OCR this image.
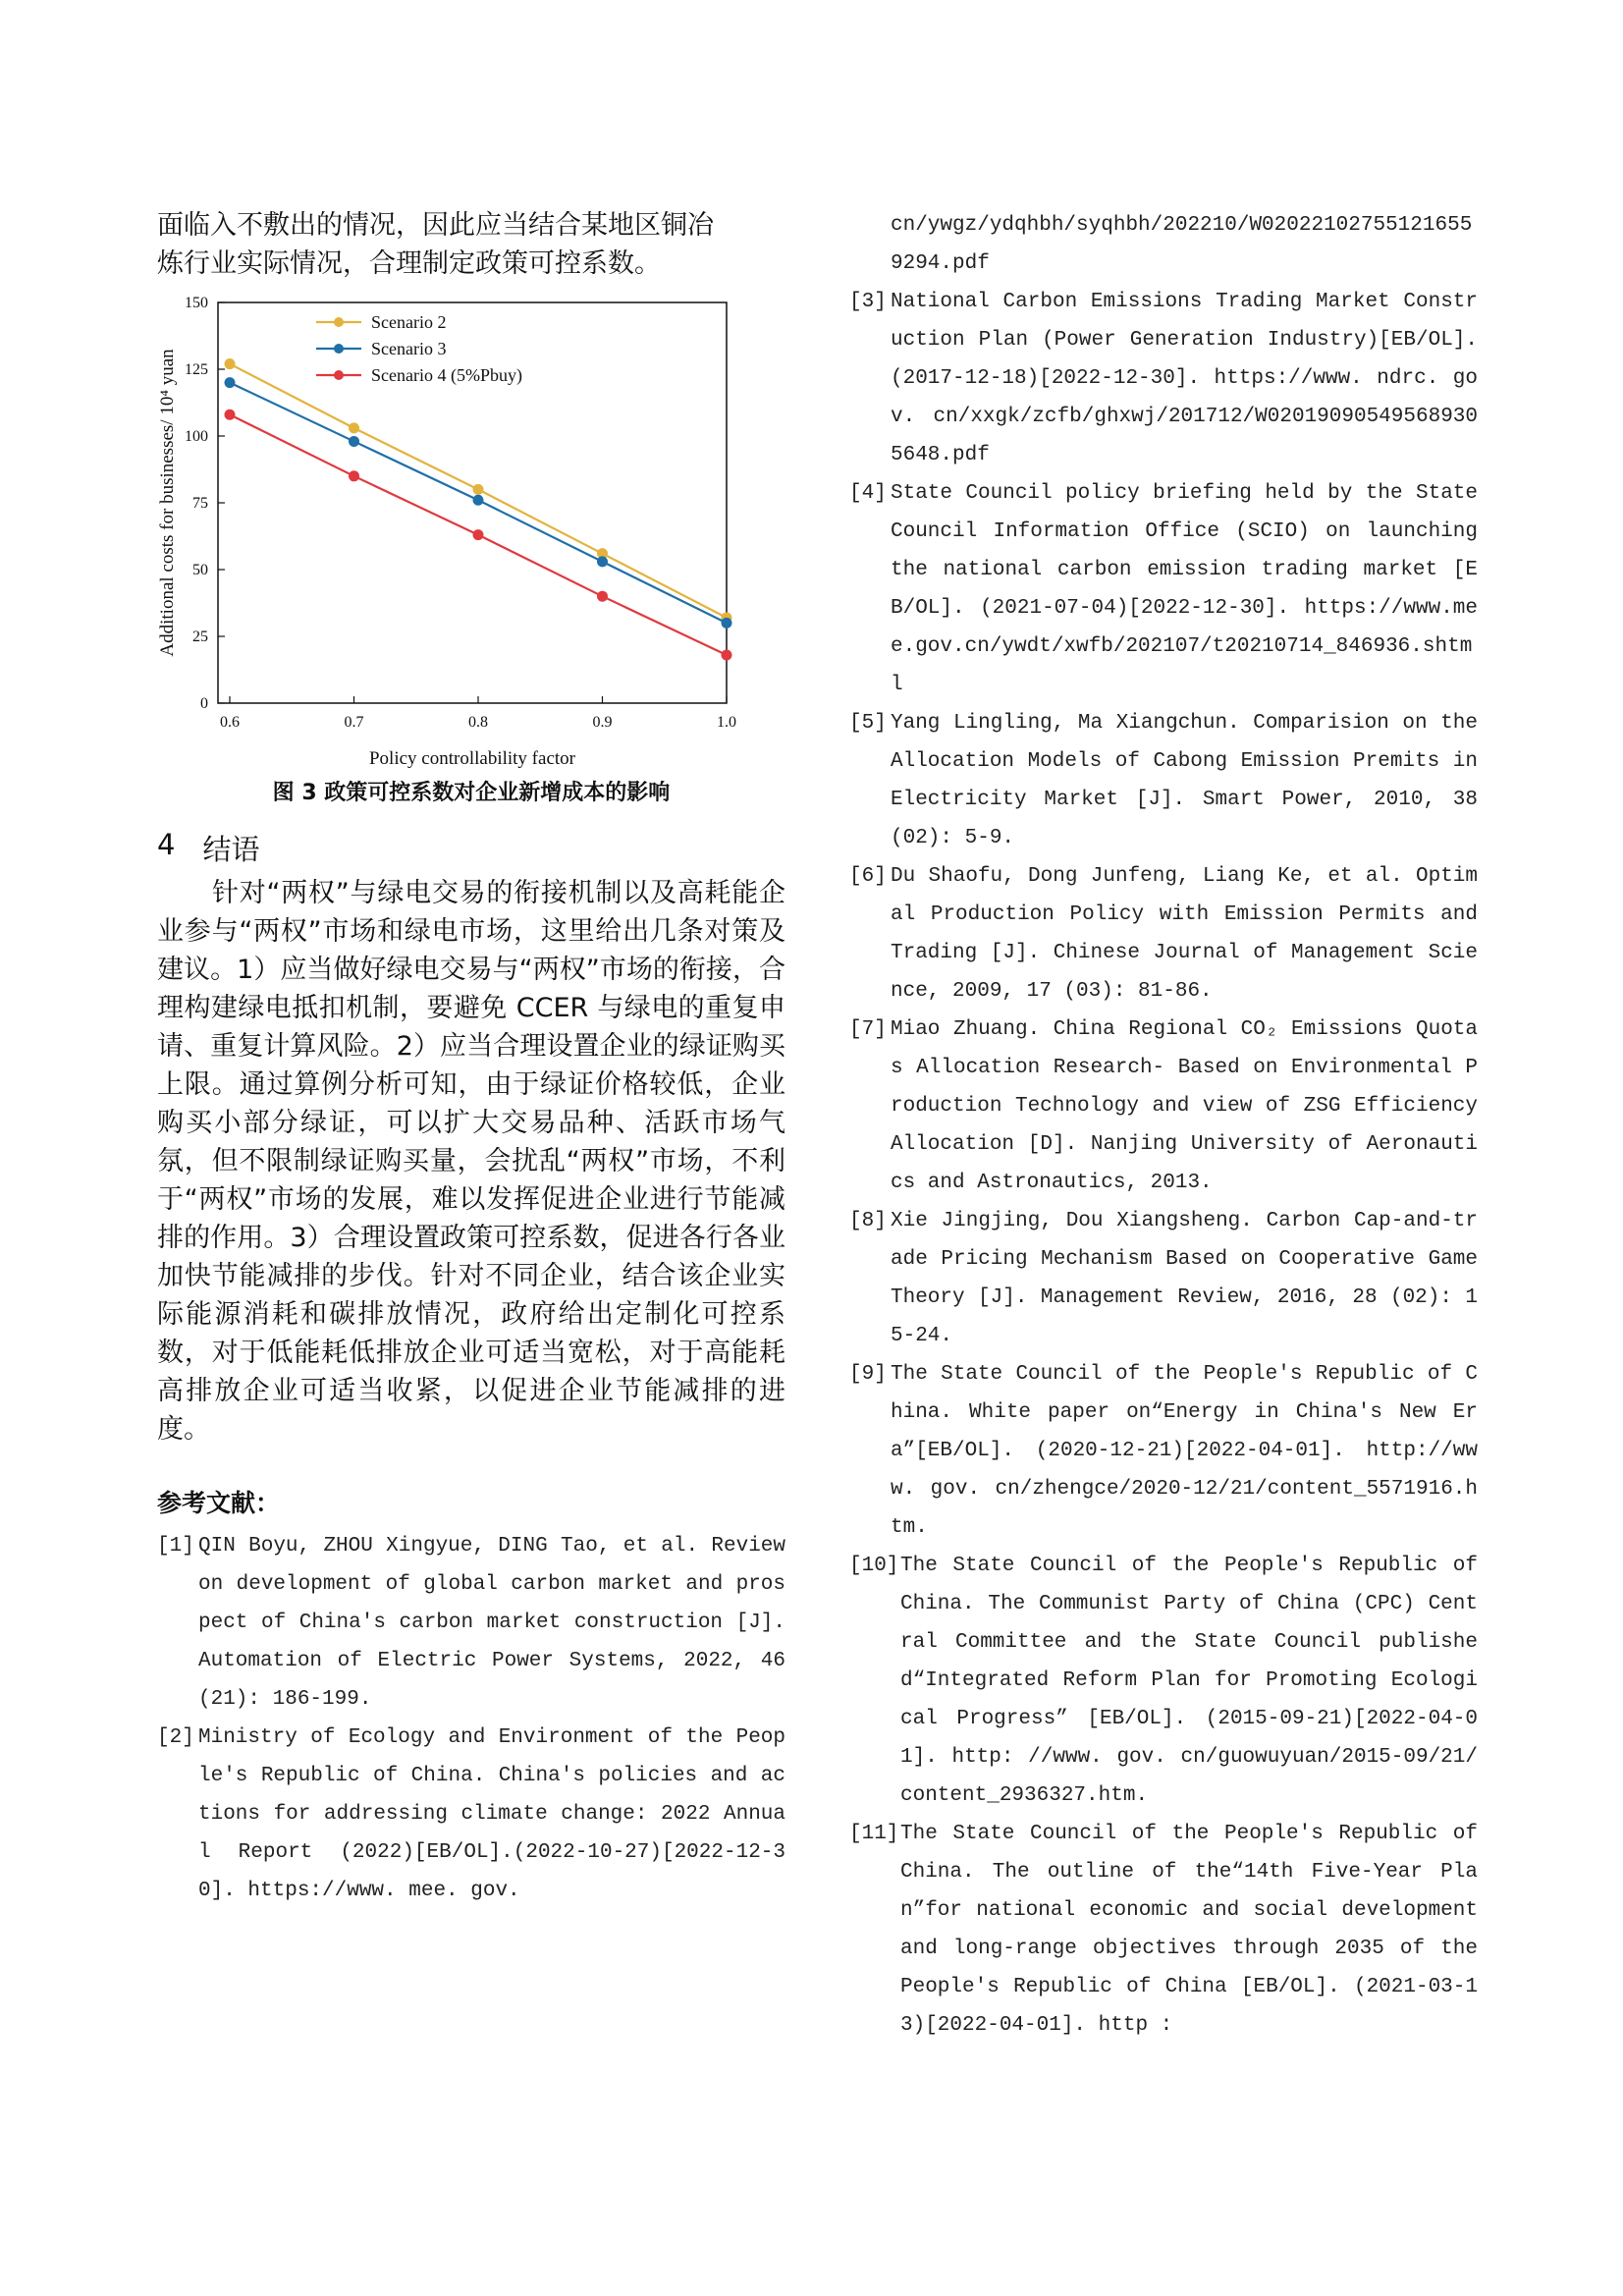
面临入不敷出的情况，因此应当结合某地区铜冶

炼行业实际情况，合理制定政策可控系数。

0
25
50
75
100
125
150
0.6	0.7	0.8	0.9	1.0
Policy controllability factor
Additional costs for businesses/ 10⁴ yuan
Scenario 2
Scenario 3
Scenario 4 (5%Pbuy)

图 3 政策可控系数对企业新增成本的影响

4 结语

针对“两权”与绿电交易的衔接机制以及高耗能企业参与“两权”市场和绿电市场，这里给出几条对策及建议。1）应当做好绿电交易与“两权”市场的衔接，合理构建绿电抵扣机制，要避免 CCER 与绿电的重复申请、重复计算风险。2）应当合理设置企业的绿证购买上限。通过算例分析可知，由于绿证价格较低，企业购买小部分绿证，可以扩大交易品种、活跃市场气氛，但不限制绿证购买量，会扰乱“两权”市场，不利于“两权”市场的发展，难以发挥促进企业进行节能减排的作用。3）合理设置政策可控系数，促进各行各业加快节能减排的步伐。针对不同企业，结合该企业实际能源消耗和碳排放情况，政府给出定制化可控系数，对于低能耗低排放企业可适当宽松，对于高能耗高排放企业可适当收紧，以促进企业节能减排的进度。

参考文献：
[1] QIN Boyu, ZHOU Xingyue, DING Tao, et al. Review on development of global carbon market and prospect of China's carbon market construction [J]. Automation of Electric Power Systems, 2022, 46(21): 186-199.
[2] Ministry of Ecology and Environment of the People's Republic of China. China's policies and actions for addressing climate change: 2022 Annual Report (2022)[EB/OL].(2022-10-27)[2022-12-30]. https://www. mee. gov.
cn/ywgz/ydqhbh/syqhbh/202210/W020221027551216559294.pdf
[3] National Carbon Emissions Trading Market Construction Plan (Power Generation Industry)[EB/OL]. (2017-12-18)[2022-12-30]. https://www. ndrc. gov. cn/xxgk/zcfb/ghxwj/201712/W020190905495689305648.pdf
[4] State Council policy briefing held by the State Council Information Office (SCIO) on launching the national carbon emission trading market [EB/OL]. (2021-07-04)[2022-12-30]. https://www.mee.gov.cn/ywdt/xwfb/202107/t20210714_846936.shtml
[5] Yang Lingling, Ma Xiangchun. Comparision on the Allocation Models of Cabong Emission Premits in Electricity Market [J]. Smart Power, 2010, 38 (02): 5-9.
[6] Du Shaofu, Dong Junfeng, Liang Ke, et al. Optimal Production Policy with Emission Permits and Trading [J]. Chinese Journal of Management Science, 2009, 17 (03): 81-86.
[7] Miao Zhuang. China Regional CO₂ Emissions Quotas Allocation Research- Based on Environmental Production Technology and view of ZSG Efficiency Allocation [D]. Nanjing University of Aeronautics and Astronautics, 2013.
[8] Xie Jingjing, Dou Xiangsheng. Carbon Cap-and-trade Pricing Mechanism Based on Cooperative Game Theory [J]. Management Review, 2016, 28 (02): 15-24.
[9] The State Council of the People's Republic of China. White paper on“Energy in China's New Era”[EB/OL]. (2020-12-21)[2022-04-01]. http://www. gov. cn/zhengce/2020-12/21/content_5571916.htm.
[10] The State Council of the People's Republic of China. The Communist Party of China (CPC) Central Committee and the State Council published“Integrated Reform Plan for Promoting Ecological Progress” [EB/OL]. (2015-09-21)[2022-04-01]. http: //www. gov. cn/guowuyuan/2015-09/21/content_2936327.htm.
[11] The State Council of the People's Republic of China. The outline of the“14th Five-Year Plan”for national economic and social development and long-range objectives through 2035 of the People's Republic of China [EB/OL]. (2021-03-13)[2022-04-01]. http :
